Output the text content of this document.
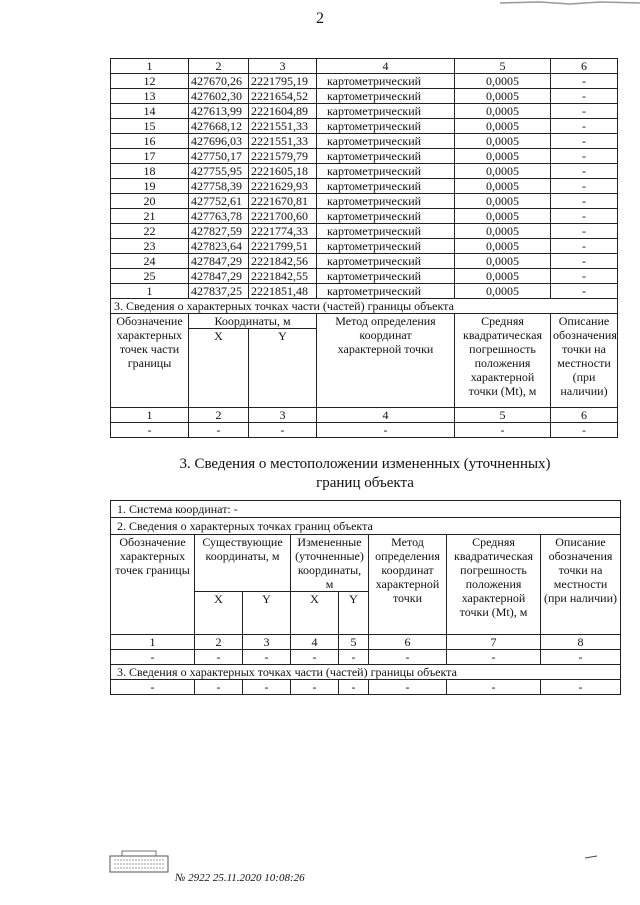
2
1	2	3	4	5	6
12	427670,26	2221795,19	картометрический	0,0005	-
13	427602,30	2221654,52	картометрический	0,0005	-
14	427613,99	2221604,89	картометрический	0,0005	-
15	427668,12	2221551,33	картометрический	0,0005	-
16	427696,03	2221551,33	картометрический	0,0005	-
17	427750,17	2221579,79	картометрический	0,0005	-
18	427755,95	2221605,18	картометрический	0,0005	-
19	427758,39	2221629,93	картометрический	0,0005	-
20	427752,61	2221670,81	картометрический	0,0005	-
21	427763,78	2221700,60	картометрический	0,0005	-
22	427827,59	2221774,33	картометрический	0,0005	-
23	427823,64	2221799,51	картометрический	0,0005	-
24	427847,29	2221842,56	картометрический	0,0005	-
25	427847,29	2221842,55	картометрический	0,0005	-
1	427837,25	2221851,48	картометрический	0,0005	-
3. Сведения о характерных точках части (частей) границы объекта					
Обозначение характерных точек части границы	Координаты, м		Метод определения координат характерной точки	Средняя квадратическая погрешность положения характерной точки (Mt), м	Описание обозначения точки на местности (при наличии)
	X	Y			
1	2	3	4	5	6
-	-	-	-	-	-
3. Сведения о местоположении измененных (уточненных)
границ объекта
1. Система координат: -							
2. Сведения о характерных точках границ объекта							
Обозначение характерных точек границы	Существующие координаты, м		Измененные (уточненные) координаты, м		Метод определения координат характерной точки	Средняя квадратическая погрешность положения характерной точки (Mt), м	Описание обозначения точки на местности (при наличии)
	X	Y	X	Y			
1	2	3	4	5	6	7	8
-	-	-	-	-	-	-	-
3. Сведения о характерных точках части (частей) границы объекта							
-	-	-	-	-	-	-	-
№ 2922 25.11.2020 10:08:26
